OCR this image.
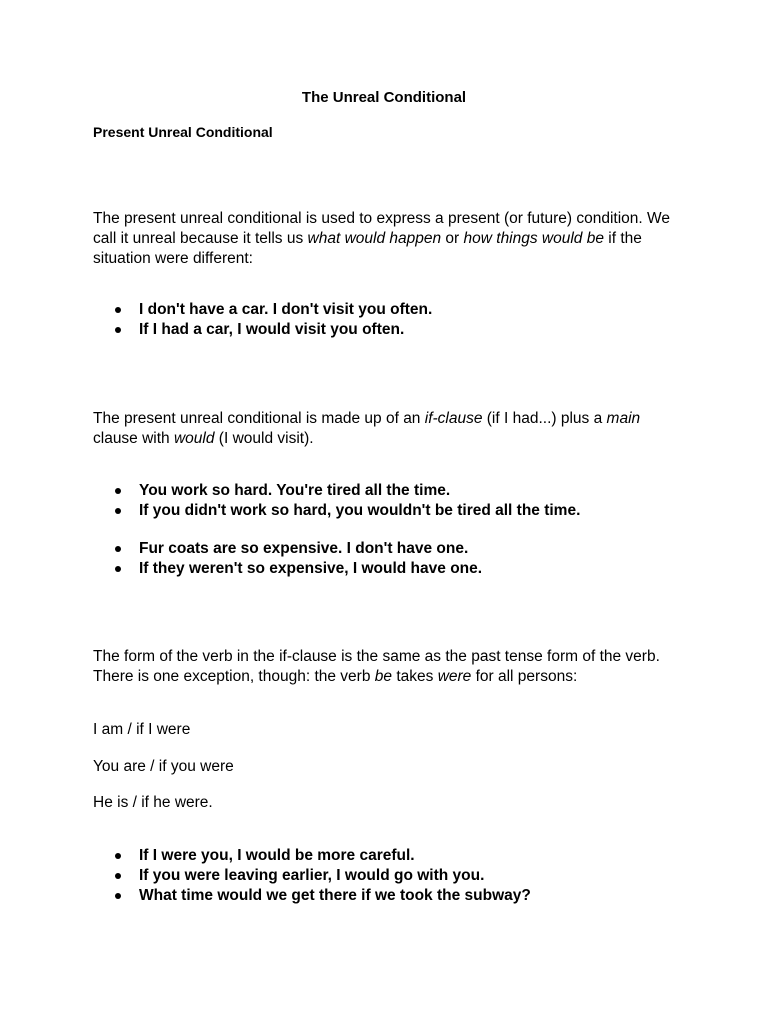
The Unreal Conditional
Present Unreal Conditional
The present unreal conditional is used to express a present (or future) condition. We call it unreal because it tells us what would happen or how things would be if the situation were different:
I don't have a car. I don't visit you often.
If I had a car, I would visit you often.
The present unreal conditional is made up of an if-clause (if I had...) plus a main clause with would (I would visit).
You work so hard. You're tired all the time.
If you didn't work so hard, you wouldn't be tired all the time.
Fur coats are so expensive. I don't have one.
If they weren't so expensive, I would have one.
The form of the verb in the if-clause is the same as the past tense form of the verb. There is one exception, though: the verb be takes were for all persons:
I am / if I were
You are / if you were
He is / if he were.
If I were you, I would be more careful.
If you were leaving earlier, I would go with you.
What time would we get there if we took the subway?
